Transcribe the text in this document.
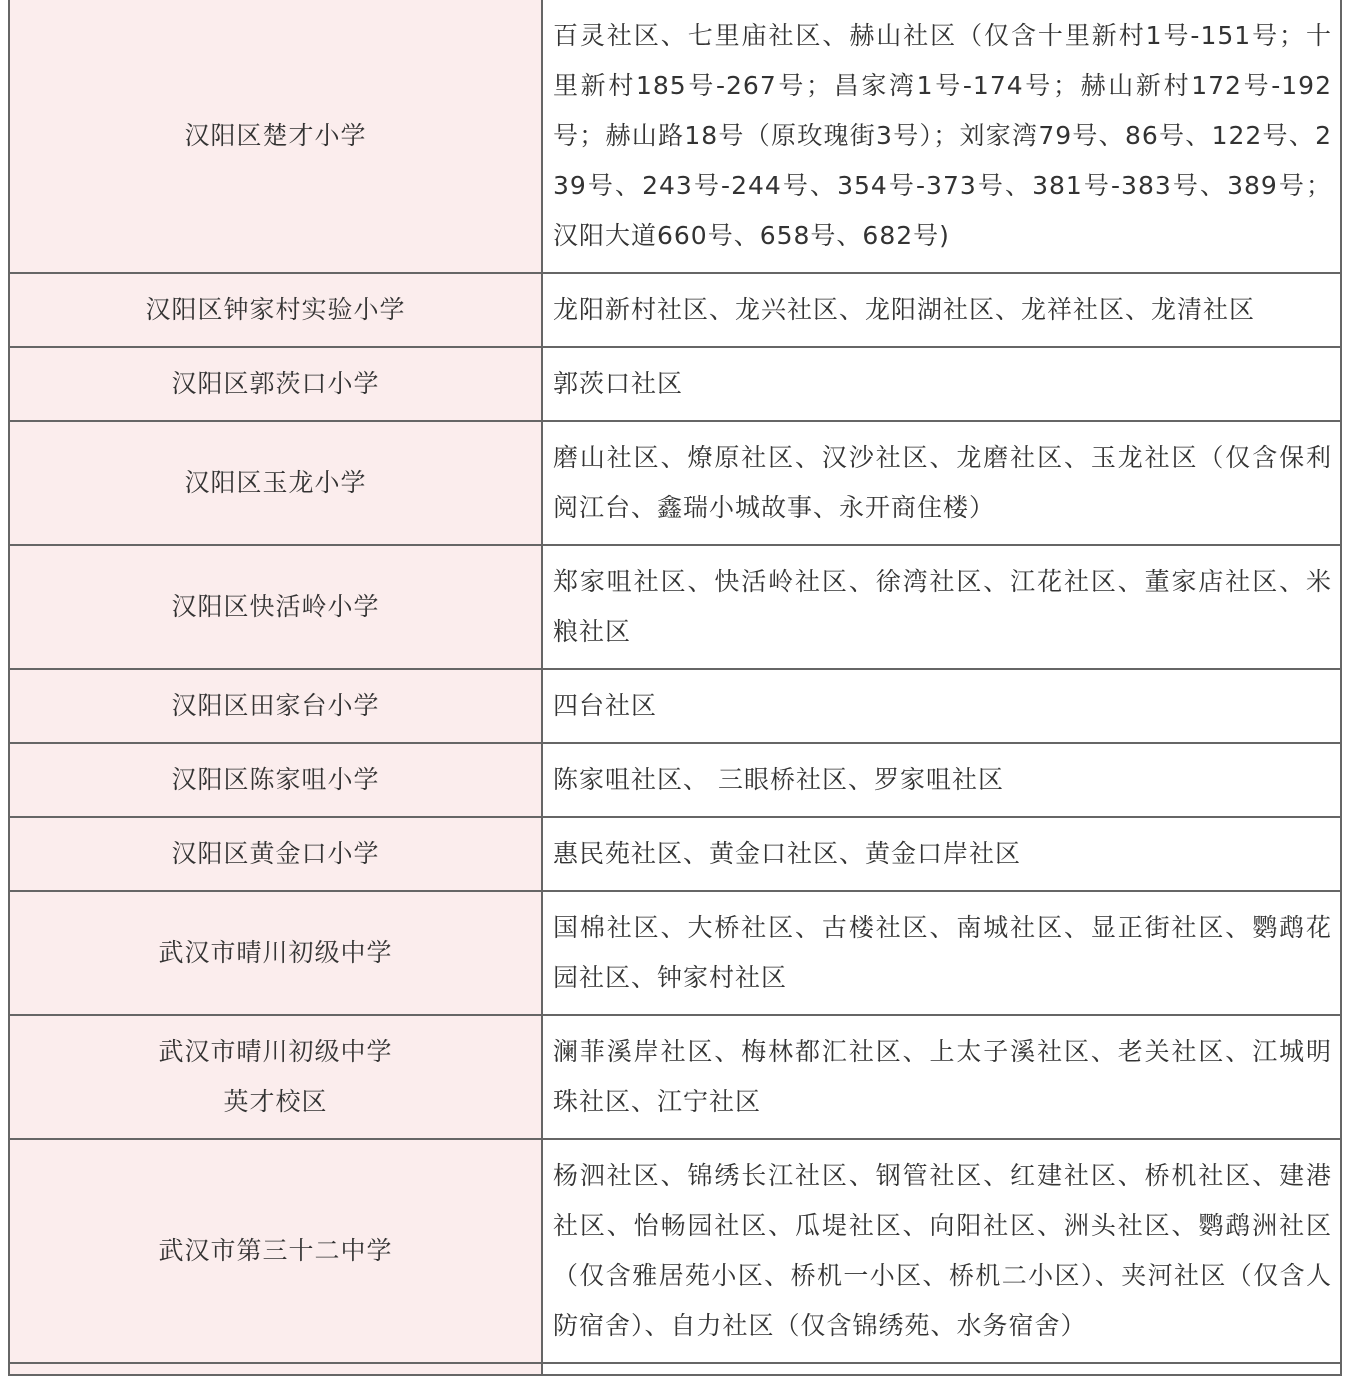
汉阳区楚才小学	百灵社区、七里庙社区、赫山社区（仅含十里新村1号-151号；十里新村185号-267号；昌家湾1号-174号；赫山新村172号-192号；赫山路18号（原玫瑰街3号）；刘家湾79号、86号、122号、239号、243号-244号、354号-373号、381号-383号、389号；汉阳大道660号、658号、682号)

汉阳区钟家村实验小学	龙阳新村社区、龙兴社区、龙阳湖社区、龙祥社区、龙清社区

汉阳区郭茨口小学	郭茨口社区

汉阳区玉龙小学	磨山社区、燎原社区、汉沙社区、龙磨社区、玉龙社区（仅含保利阅江台、鑫瑞小城故事、永开商住楼）

汉阳区快活岭小学	郑家咀社区、快活岭社区、徐湾社区、江花社区、董家店社区、米粮社区

汉阳区田家台小学	四台社区

汉阳区陈家咀小学	陈家咀社区、 三眼桥社区、罗家咀社区

汉阳区黄金口小学	惠民苑社区、黄金口社区、黄金口岸社区

武汉市晴川初级中学	国棉社区、大桥社区、古楼社区、南城社区、显正街社区、鹦鹉花园社区、钟家村社区

武汉市晴川初级中学
英才校区	澜菲溪岸社区、梅林都汇社区、上太子溪社区、老关社区、江城明珠社区、江宁社区

武汉市第三十二中学	杨泗社区、锦绣长江社区、钢管社区、红建社区、桥机社区、建港社区、怡畅园社区、瓜堤社区、向阳社区、洲头社区、鹦鹉洲社区（仅含雅居苑小区、桥机一小区、桥机二小区）、夹河社区（仅含人防宿舍）、自力社区（仅含锦绣苑、水务宿舍）
